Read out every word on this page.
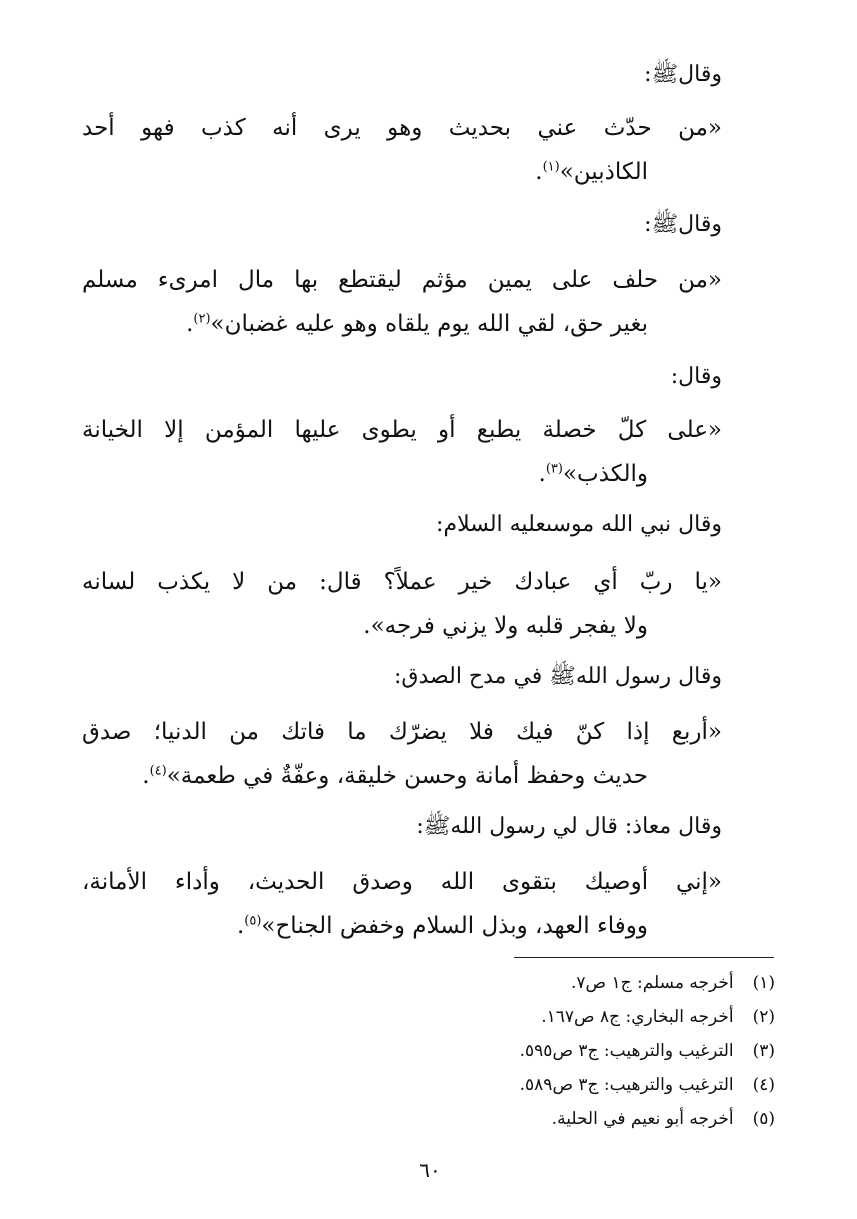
وقالﷺ:
«من حدّث عني بحديث وهو يرى أنه كذب فهو أحد
الكاذبين»$^{(١)}$.
وقالﷺ:
«من حلف على يمين مؤثم ليقتطع بها مال امرىء مسلم
بغير حق، لقي الله يوم يلقاه وهو عليه غضبان»$^{(٢)}$.
وقال:
«على كلّ خصلة يطبع أو يطوى عليها المؤمن إلا الخيانة
والكذب»$^{(٣)}$.
وقال نبي الله موسىعليه السلام:
«يا ربّ أي عبادك خير عملاً؟ قال: من لا يكذب لسانه
ولا يفجر قلبه ولا يزني فرجه».
وقال رسول اللهﷺ في مدح الصدق:
«أربع إذا كنّ فيك فلا يضرّك ما فاتك من الدنيا؛ صدق
حديث وحفظ أمانة وحسن خليقة، وعفّةٌ في طعمة»$^{(٤)}$.
وقال معاذ: قال لي رسول اللهﷺ:
«إني أوصيك بتقوى الله وصدق الحديث، وأداء الأمانة،
ووفاء العهد، وبذل السلام وخفض الجناح»$^{(٥)}$.
(١) أخرجه مسلم: ج١ ص٧.
(٢) أخرجه البخاري: ج٨ ص١٦٧.
(٣) الترغيب والترهيب: ج٣ ص٥٩٥.
(٤) الترغيب والترهيب: ج٣ ص٥٨٩.
(٥) أخرجه أبو نعيم في الحلية.
٦٠
